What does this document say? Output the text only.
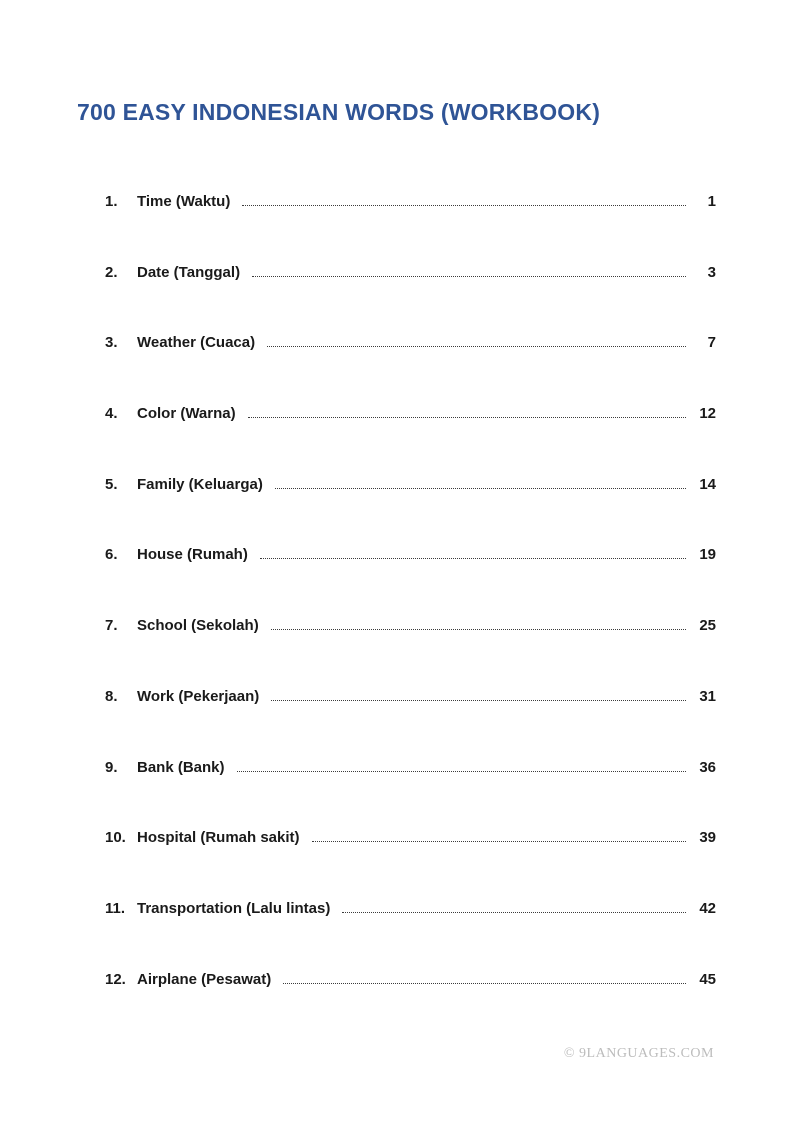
700 EASY INDONESIAN WORDS (WORKBOOK)
1.	Time (Waktu)	1
2.	Date (Tanggal)	3
3.	Weather (Cuaca)	7
4.	Color (Warna)	12
5.	Family (Keluarga)	14
6.	House (Rumah)	19
7.	School (Sekolah)	25
8.	Work (Pekerjaan)	31
9.	Bank (Bank)	36
10. Hospital (Rumah sakit)	39
11. Transportation (Lalu lintas)	42
12. Airplane (Pesawat)	45
© 9LANGUAGES.COM
